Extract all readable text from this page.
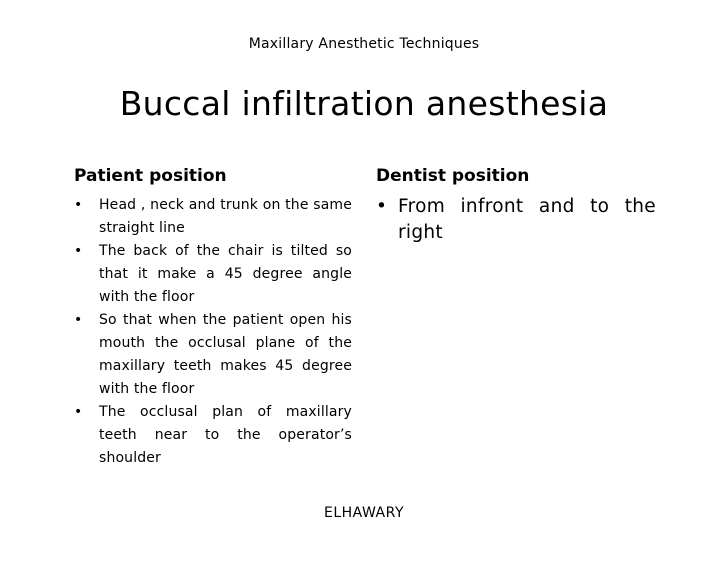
Maxillary Anesthetic Techniques
Buccal infiltration anesthesia
Patient position
• Head , neck and trunk on the same straight line
• The back of the chair is tilted so that it make a 45 degree angle with the floor
• So that when the patient open his mouth the occlusal plane of the maxillary teeth makes 45 degree with the floor
• The occlusal plan of maxillary teeth near to the operator’s shoulder
Dentist position
• From infront and to the right
ELHAWARY
